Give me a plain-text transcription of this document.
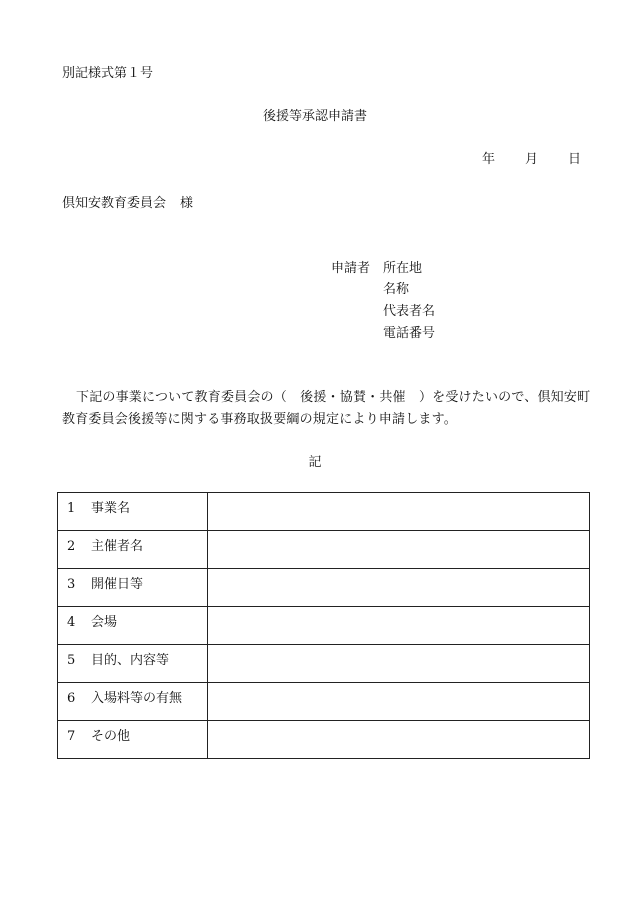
別記様式第１号
後援等承認申請書
年 月 日
倶知安教育委員会 様
申請者 所在地
名称
代表者名
電話番号
下記の事業について教育委員会の（　後援・協賛・共催　）を受けたいので、倶知安町教育委員会後援等に関する事務取扱要綱の規定により申請します。
記
1 事業名	
2 主催者名	
3 開催日等	
4 会場	
5 目的、内容等	
6 入場料等の有無	
7 その他	
